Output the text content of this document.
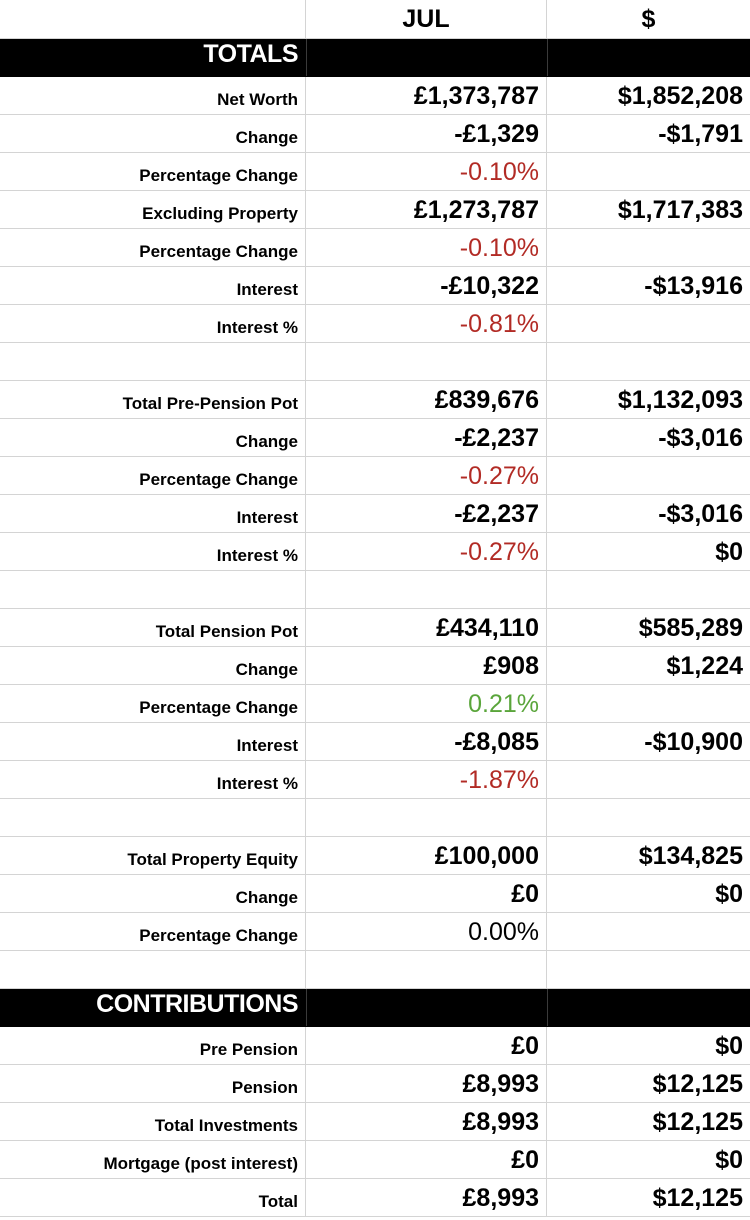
JUL	$
TOTALS
Net Worth	£1,373,787	$1,852,208
Change	-£1,329	-$1,791
Percentage Change	-0.10%
Excluding Property	£1,273,787	$1,717,383
Percentage Change	-0.10%
Interest	-£10,322	-$13,916
Interest %	-0.81%
Total Pre-Pension Pot	£839,676	$1,132,093
Change	-£2,237	-$3,016
Percentage Change	-0.27%
Interest	-£2,237	-$3,016
Interest %	-0.27%	$0
Total Pension Pot	£434,110	$585,289
Change	£908	$1,224
Percentage Change	0.21%
Interest	-£8,085	-$10,900
Interest %	-1.87%
Total Property Equity	£100,000	$134,825
Change	£0	$0
Percentage Change	0.00%
CONTRIBUTIONS
Pre Pension	£0	$0
Pension	£8,993	$12,125
Total Investments	£8,993	$12,125
Mortgage (post interest)	£0	$0
Total	£8,993	$12,125
